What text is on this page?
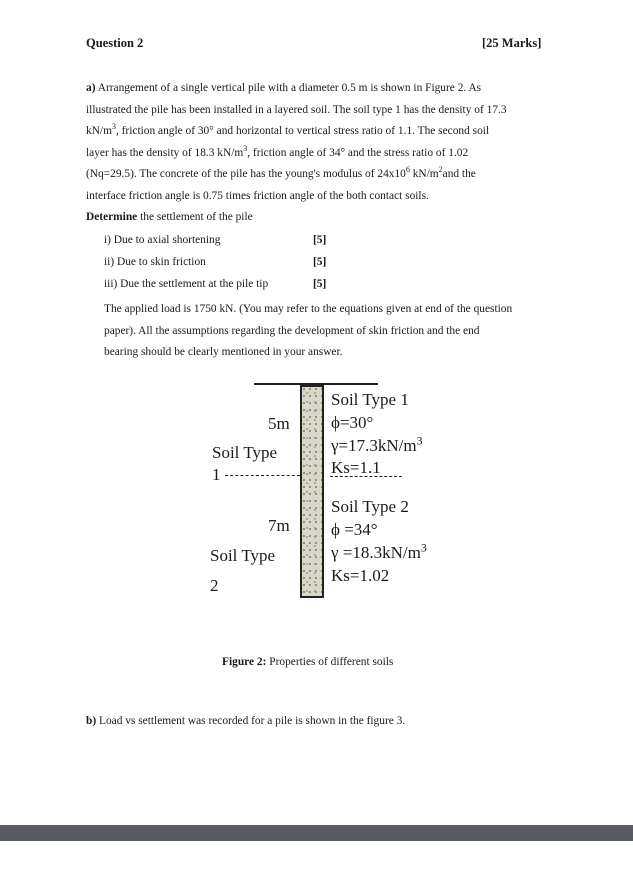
Question 2	[25 Marks]
a) Arrangement of a single vertical pile with a diameter 0.5 m is shown in Figure 2. As
illustrated the pile has been installed in a layered soil. The soil type 1 has the density of 17.3
$kN/m^3$, friction angle of 30° and horizontal to vertical stress ratio of 1.1. The second soil
layer has the density of 18.3 $kN/m^3$, friction angle of 34° and the stress ratio of 1.02
(Nq=29.5). The concrete of the pile has the young's modulus of $24x10^6$ $kN/m^2and$ the
interface friction angle is 0.75 times friction angle of the both contact soils.
Determine the settlement of the pile
i) Due to axial shortening	[5]
ii) Due to skin friction	[5]
iii) Due the settlement at the pile tip	[5]
The applied load is 1750 kN. (You may refer to the equations given at end of the question
paper). All the assumptions regarding the development of skin friction and the end
bearing should be clearly mentioned in your answer.
5m
Soil Type
1
Soil Type 1
ϕ=30°
$\gamma=17.3kN/m^3$
Ks=1.1
7m
Soil Type
2
Soil Type 2
ϕ =34°
$\gamma =18.3kN/m^3$
Ks=1.02
Figure 2: Properties of different soils
b) Load vs settlement was recorded for a pile is shown in the figure 3.
